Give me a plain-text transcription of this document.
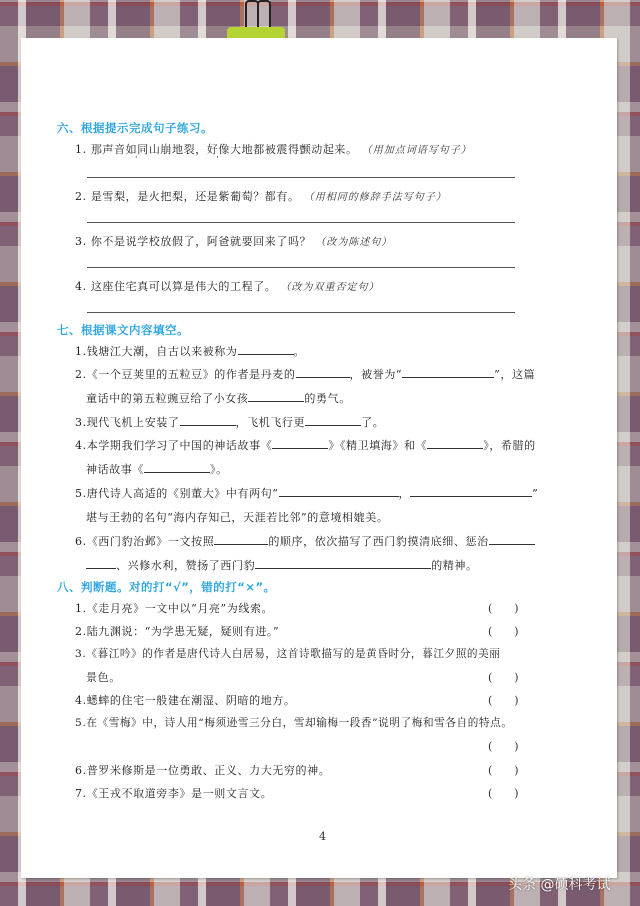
六、根据提示完成句子练习。
1. 那声音如同山崩地裂，好像大地都被震得颤动起来。 （用加点词语写句子）
2. 是雪梨，是火把梨，还是紫葡萄？都有。 （用相同的修辞手法写句子）
3. 你不是说学校放假了，阿爸就要回来了吗？ （改为陈述句）
4. 这座住宅真可以算是伟大的工程了。 （改为双重否定句）
七、根据课文内容填空。
1.钱塘江大潮，自古以来被称为	。
2.《一个豆荚里的五粒豆》的作者是丹麦的	，被誉为“	”，这篇
童话中的第五粒豌豆给了小女孩	的勇气。
3.现代飞机上安装了	，飞机飞行更	了。
4.本学期我们学习了中国的神话故事《	》《精卫填海》和《	》，希腊的
神话故事《	》。
5.唐代诗人高适的《别董大》中有两句“	，	”
堪与王勃的名句“海内存知己，天涯若比邻”的意境相媲美。
6.《西门豹治邺》一文按照	的顺序，依次描写了西门豹摸清底细、惩治
、兴修水利，赞扬了西门豹	的精神。
八、判断题。对的打“√”，错的打“×”。
1.《走月亮》一文中以“月亮”为线索。	(　　)
2.陆九渊说：“为学患无疑，疑则有进。”	(　　)
3.《暮江吟》的作者是唐代诗人白居易，这首诗歌描写的是黄昏时分，暮江夕照的美丽
景色。	(　　)
4.蟋蟀的住宅一般建在潮湿、阴暗的地方。	(　　)
5.在《雪梅》中，诗人用“梅须逊雪三分白，雪却输梅一段香”说明了梅和雪各自的特点。
(　　)
6.普罗米修斯是一位勇敢、正义、力大无穷的神。	(　　)
7.《王戎不取道旁李》是一则文言文。	(　　)
4
头条 @硕科考试
